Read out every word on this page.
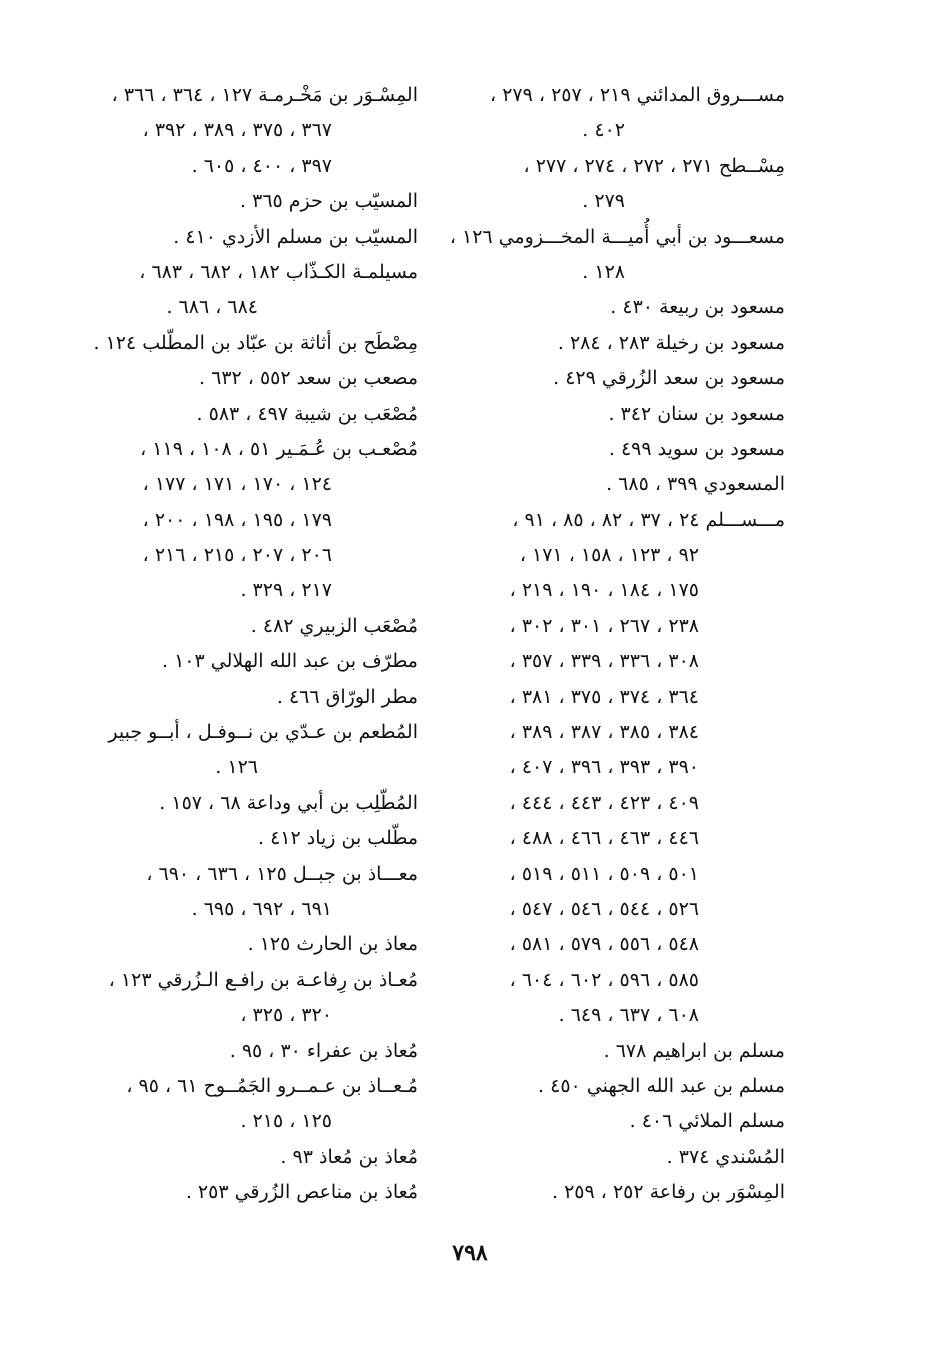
مســـروق المدائني ٢١٩ ، ٢٥٧ ، ٢٧٩ ،
٤٠٢ .
مِسْــطح ٢٧١ ، ٢٧٢ ، ٢٧٤ ، ٢٧٧ ،
٢٧٩ .
مسعـــود بن أبي أُميـــة المخـــزومي ١٢٦ ،
١٢٨ .
مسعود بن ربيعة ٤٣٠ .
مسعود بن رخيلة ٢٨٣ ، ٢٨٤ .
مسعود بن سعد الزُرقي ٤٢٩ .
مسعود بن سنان ٣٤٢ .
مسعود بن سويد ٤٩٩ .
المسعودي ٣٩٩ ، ٦٨٥ .
مـــســـلم ٢٤ ، ٣٧ ، ٨٢ ، ٨٥ ، ٩١ ،
٩٢ ، ١٢٣ ، ١٥٨ ، ١٧١ ،
١٧٥ ، ١٨٤ ، ١٩٠ ، ٢١٩ ،
٢٣٨ ، ٢٦٧ ، ٣٠١ ، ٣٠٢ ،
٣٠٨ ، ٣٣٦ ، ٣٣٩ ، ٣٥٧ ،
٣٦٤ ، ٣٧٤ ، ٣٧٥ ، ٣٨١ ،
٣٨٤ ، ٣٨٥ ، ٣٨٧ ، ٣٨٩ ،
٣٩٠ ، ٣٩٣ ، ٣٩٦ ، ٤٠٧ ،
٤٠٩ ، ٤٢٣ ، ٤٤٣ ، ٤٤٤ ،
٤٤٦ ، ٤٦٣ ، ٤٦٦ ، ٤٨٨ ،
٥٠١ ، ٥٠٩ ، ٥١١ ، ٥١٩ ،
٥٢٦ ، ٥٤٤ ، ٥٤٦ ، ٥٤٧ ،
٥٤٨ ، ٥٥٦ ، ٥٧٩ ، ٥٨١ ،
٥٨٥ ، ٥٩٦ ، ٦٠٢ ، ٦٠٤ ،
٦٠٨ ، ٦٣٧ ، ٦٤٩ .
مسلم بن ابراهيم ٦٧٨ .
مسلم بن عبد الله الجهني ٤٥٠ .
مسلم الملائي ٤٠٦ .
المُسْندي ٣٧٤ .
المِسْوَر بن رفاعة ٢٥٢ ، ٢٥٩ .
المِسْـوَر بن مَخْـرمـة ١٢٧ ، ٣٦٤ ، ٣٦٦ ،
٣٦٧ ، ٣٧٥ ، ٣٨٩ ، ٣٩٢ ،
٣٩٧ ، ٤٠٠ ، ٦٠٥ .
المسيّب بن حزم ٣٦٥ .
المسيّب بن مسلم الأزدي ٤١٠ .
مسيلمـة الكـذّاب ١٨٢ ، ٦٨٢ ، ٦٨٣ ،
٦٨٤ ، ٦٨٦ .
مِصْطَح بن أثاثة بن عبّاد بن المطّلب ١٢٤ .
مصعب بن سعد ٥٥٢ ، ٦٣٢ .
مُصْعَب بن شيبة ٤٩٧ ، ٥٨٣ .
مُصْعـب بن عُـمَـير ٥١ ، ١٠٨ ، ١١٩ ،
١٢٤ ، ١٧٠ ، ١٧١ ، ١٧٧ ،
١٧٩ ، ١٩٥ ، ١٩٨ ، ٢٠٠ ،
٢٠٦ ، ٢٠٧ ، ٢١٥ ، ٢١٦ ،
٢١٧ ، ٣٢٩ .
مُصْعَب الزبيري ٤٨٢ .
مطرّف بن عبد الله الهلالي ١٠٣ .
مطر الورّاق ٤٦٦ .
المُطعم بن عـدّي بن نــوفـل ، أبــو جبير
١٢٦ .
المُطّلِب بن أبي وداعة ٦٨ ، ١٥٧ .
مطّلب بن زياد ٤١٢ .
معـــاذ بن جبــل ١٢٥ ، ٦٣٦ ، ٦٩٠ ،
٦٩١ ، ٦٩٢ ، ٦٩٥ .
معاذ بن الحارث ١٢٥ .
مُعـاذ بن رِفاعـة بن رافـع الـزُرقي ١٢٣ ،
٣٢٠ ، ٣٢٥ ،
مُعاذ بن عفراء ٣٠ ، ٩٥ .
مُـعــاذ بن عـمــرو الجَمُــوح ٦١ ، ٩٥ ،
١٢٥ ، ٢١٥ .
مُعاذ بن مُعاذ ٩٣ .
مُعاذ بن مناعص الزُرقي ٢٥٣ .
٧٩٨
